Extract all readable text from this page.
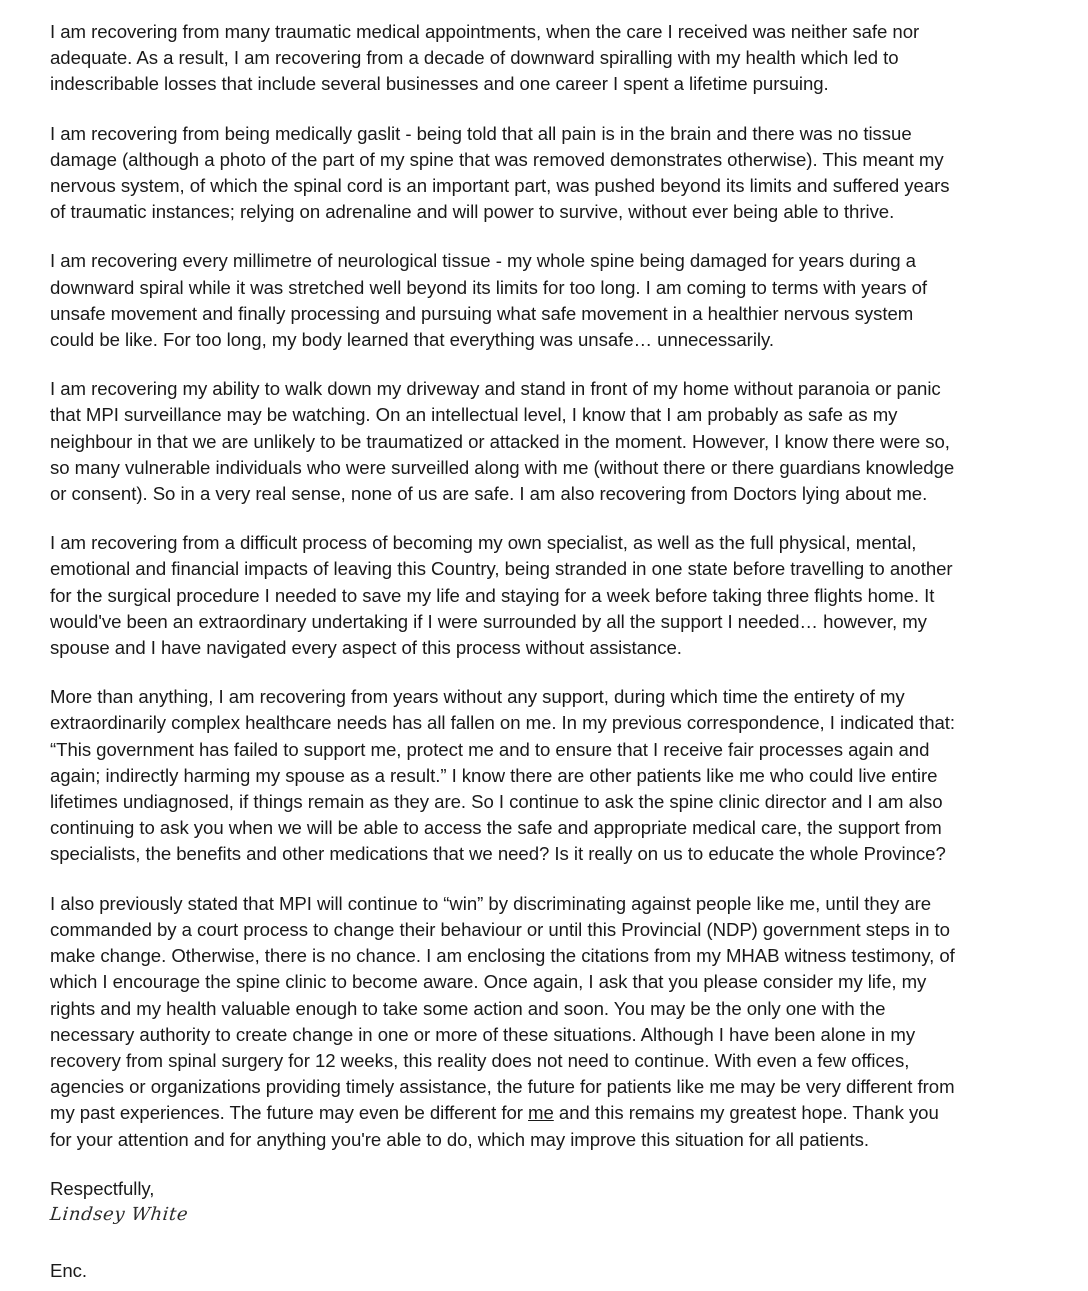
I am recovering from many traumatic medical appointments, when the care I received was neither safe nor
adequate. As a result, I am recovering from a decade of downward spiralling with my health which led to
indescribable losses that include several businesses and one career I spent a lifetime pursuing.
I am recovering from being medically gaslit - being told that all pain is in the brain and there was no tissue
damage (although a photo of the part of my spine that was removed demonstrates otherwise). This meant my
nervous system, of which the spinal cord is an important part, was pushed beyond its limits and suffered years
of traumatic instances; relying on adrenaline and will power to survive, without ever being able to thrive.
I am recovering every millimetre of neurological tissue - my whole spine being damaged for years during a
downward spiral while it was stretched well beyond its limits for too long. I am coming to terms with years of
unsafe movement and finally processing and pursuing what safe movement in a healthier nervous system
could be like. For too long, my body learned that everything was unsafe… unnecessarily.
I am recovering my ability to walk down my driveway and stand in front of my home without paranoia or panic
that MPI surveillance may be watching. On an intellectual level, I know that I am probably as safe as my
neighbour in that we are unlikely to be traumatized or attacked in the moment. However, I know there were so,
so many vulnerable individuals who were surveilled along with me (without there or there guardians knowledge
or consent). So in a very real sense, none of us are safe. I am also recovering from Doctors lying about me.
I am recovering from a difficult process of becoming my own specialist, as well as the full physical, mental,
emotional and financial impacts of leaving this Country, being stranded in one state before travelling to another
for the surgical procedure I needed to save my life and staying for a week before taking three flights home. It
would've been an extraordinary undertaking if I were surrounded by all the support I needed… however, my
spouse and I have navigated every aspect of this process without assistance.
More than anything, I am recovering from years without any support, during which time the entirety of my
extraordinarily complex healthcare needs has all fallen on me. In my previous correspondence, I indicated that:
“This government has failed to support me, protect me and to ensure that I receive fair processes again and
again; indirectly harming my spouse as a result.” I know there are other patients like me who could live entire
lifetimes undiagnosed, if things remain as they are. So I continue to ask the spine clinic director and I am also
continuing to ask you when we will be able to access the safe and appropriate medical care, the support from
specialists, the benefits and other medications that we need? Is it really on us to educate the whole Province?
I also previously stated that MPI will continue to “win” by discriminating against people like me, until they are
commanded by a court process to change their behaviour or until this Provincial (NDP) government steps in to
make change. Otherwise, there is no chance. I am enclosing the citations from my MHAB witness testimony, of
which I encourage the spine clinic to become aware. Once again, I ask that you please consider my life, my
rights and my health valuable enough to take some action and soon. You may be the only one with the
necessary authority to create change in one or more of these situations. Although I have been alone in my
recovery from spinal surgery for 12 weeks, this reality does not need to continue. With even a few offices,
agencies or organizations providing timely assistance, the future for patients like me may be very different from
my past experiences. The future may even be different for me and this remains my greatest hope. Thank you
for your attention and for anything you're able to do, which may improve this situation for all patients.
Respectfully,
Lindsey White
Enc.
